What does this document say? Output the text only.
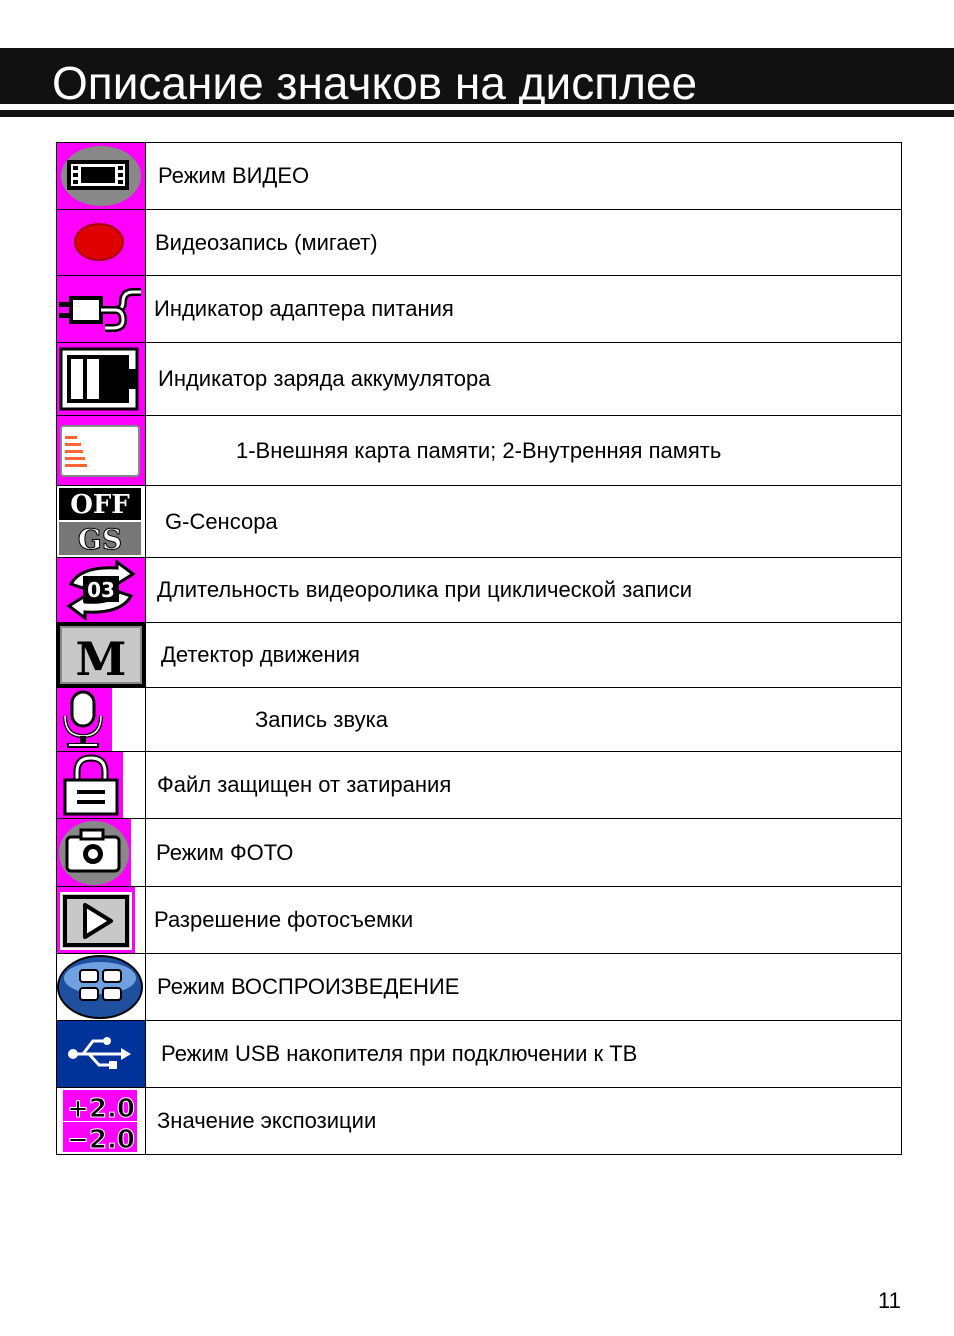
Описание значков на дисплее
Режим ВИДЕО
Видеозапись (мигает)
Индикатор адаптера питания
Индикатор заряда аккумулятора
1-Внешняя карта памяти; 2-Внутренняя память
OFF
GS
G-Сенсора
03 Длительность видеоролика при циклической записи
M Детектор движения
Запись звука
Файл защищен от затирания
Режим ФОТО
Разрешение фотосъемки
Режим ВОСПРОИЗВЕДЕНИЕ
Режим USB накопителя при подключении к ТВ
+2.0
−2.0
Значение экспозиции
11
